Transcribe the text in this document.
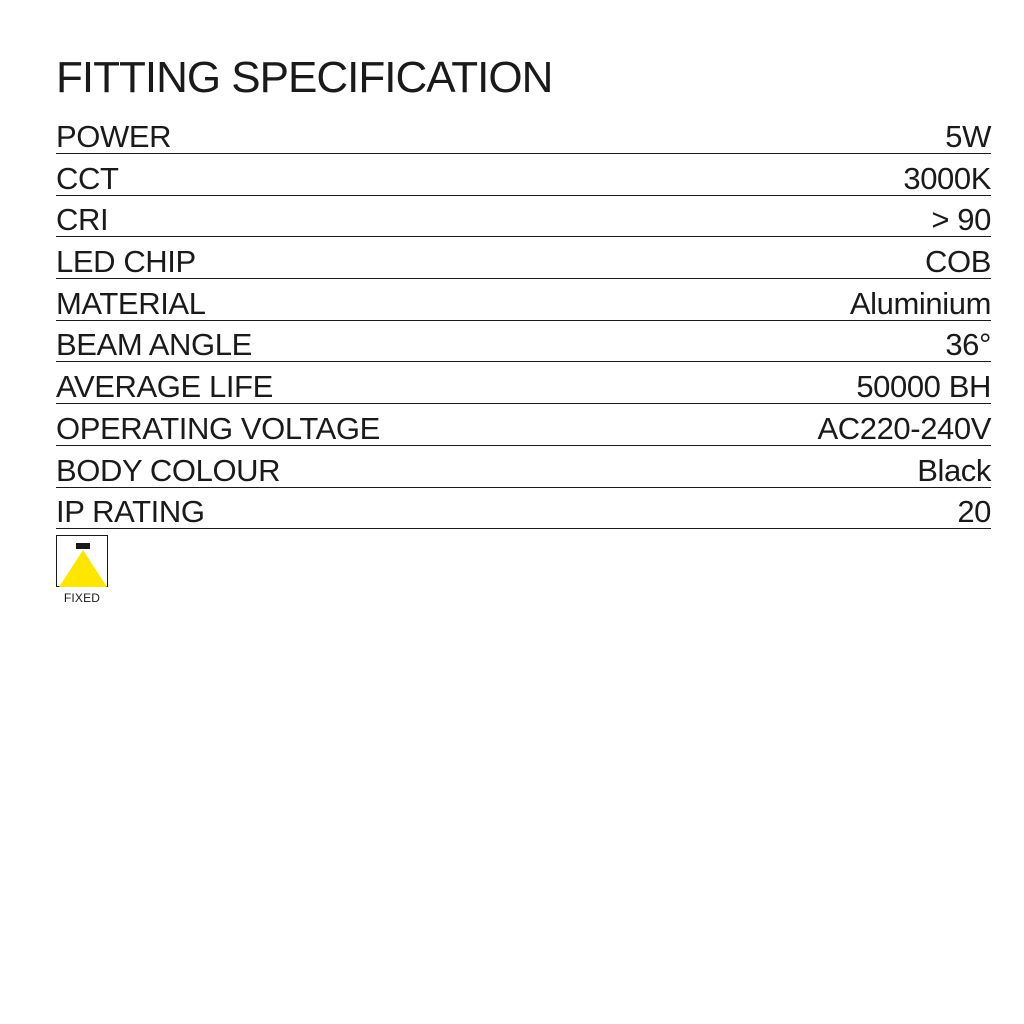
FITTING SPECIFICATION
POWER	5W
CCT	3000K
CRI	> 90
LED CHIP	COB
MATERIAL	Aluminium
BEAM ANGLE	36°
AVERAGE LIFE	50000 BH
OPERATING VOLTAGE	AC220-240V
BODY COLOUR	Black
IP RATING	20
FIXED
